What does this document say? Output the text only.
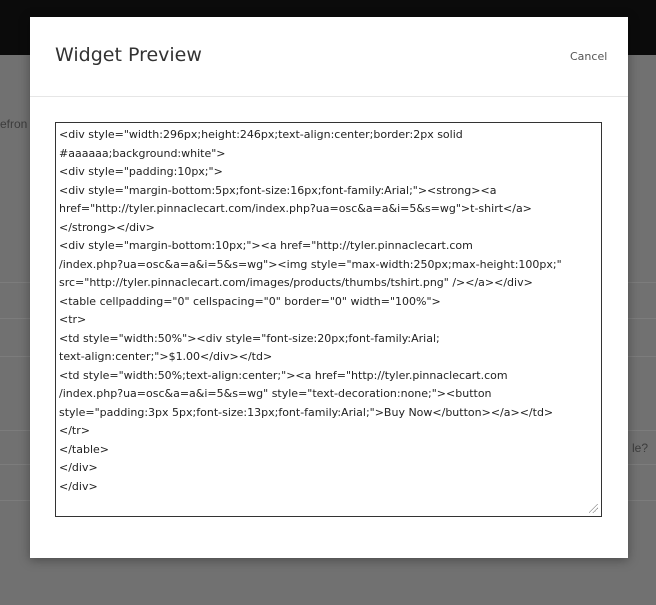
efron
le?
Widget Preview	Cancel
<div style="width:296px;height:246px;text-align:center;border:2px solid
#aaaaaa;background:white">
<div style="padding:10px;">
<div style="margin-bottom:5px;font-size:16px;font-family:Arial;"><strong><a
href="http://tyler.pinnaclecart.com/index.php?ua=osc&a=a&i=5&s=wg">t-shirt</a>
</strong></div>
<div style="margin-bottom:10px;"><a href="http://tyler.pinnaclecart.com
/index.php?ua=osc&a=a&i=5&s=wg"><img style="max-width:250px;max-height:100px;"
src="http://tyler.pinnaclecart.com/images/products/thumbs/tshirt.png" /></a></div>
<table cellpadding="0" cellspacing="0" border="0" width="100%">
<tr>
<td style="width:50%"><div style="font-size:20px;font-family:Arial;
text-align:center;">$1.00</div></td>
<td style="width:50%;text-align:center;"><a href="http://tyler.pinnaclecart.com
/index.php?ua=osc&a=a&i=5&s=wg" style="text-decoration:none;"><button
style="padding:3px 5px;font-size:13px;font-family:Arial;">Buy Now</button></a></td>
</tr>
</table>
</div>
</div>
